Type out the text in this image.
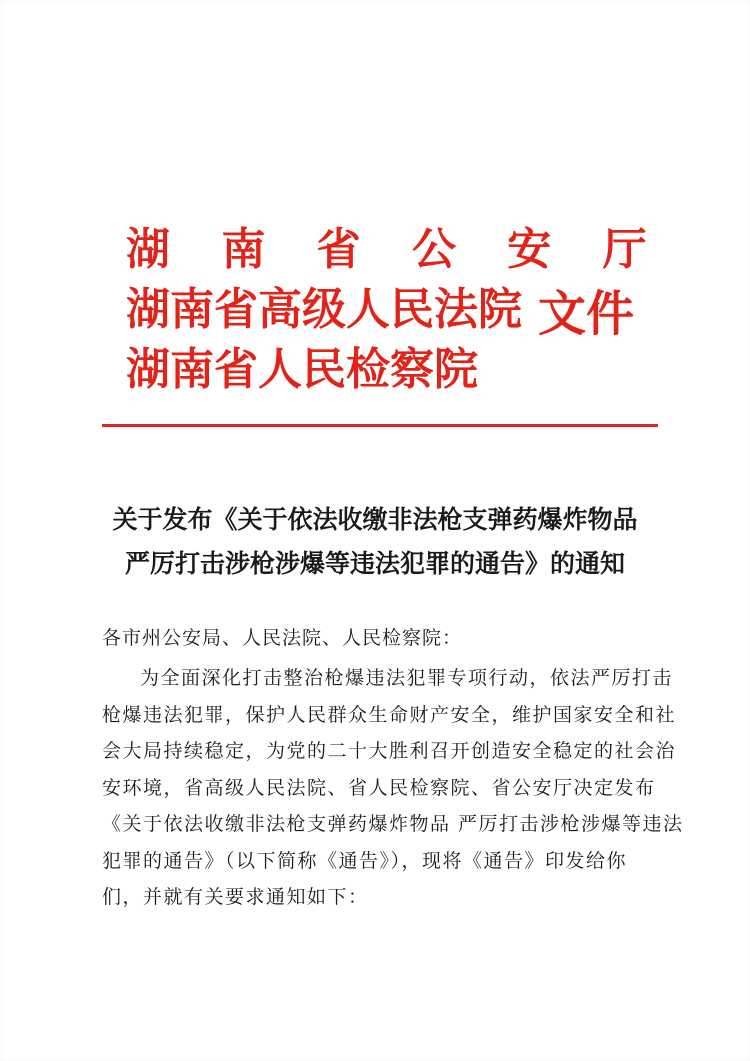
湖 南 省 公 安 厅
湖南省高级人民法院
湖南省人民检察院
文件
关于发布《关于依法收缴非法枪支弹药爆炸物品
严厉打击涉枪涉爆等违法犯罪的通告》的通知
各市州公安局、人民法院、人民检察院：
为全面深化打击整治枪爆违法犯罪专项行动，依法严厉打击
枪爆违法犯罪，保护人民群众生命财产安全，维护国家安全和社
会大局持续稳定，为党的二十大胜利召开创造安全稳定的社会治
安环境，省高级人民法院、省人民检察院、省公安厅决定发布
《关于依法收缴非法枪支弹药爆炸物品 严厉打击涉枪涉爆等违法
犯罪的通告》（以下简称《通告》），现将《通告》印发给你
们，并就有关要求通知如下：
